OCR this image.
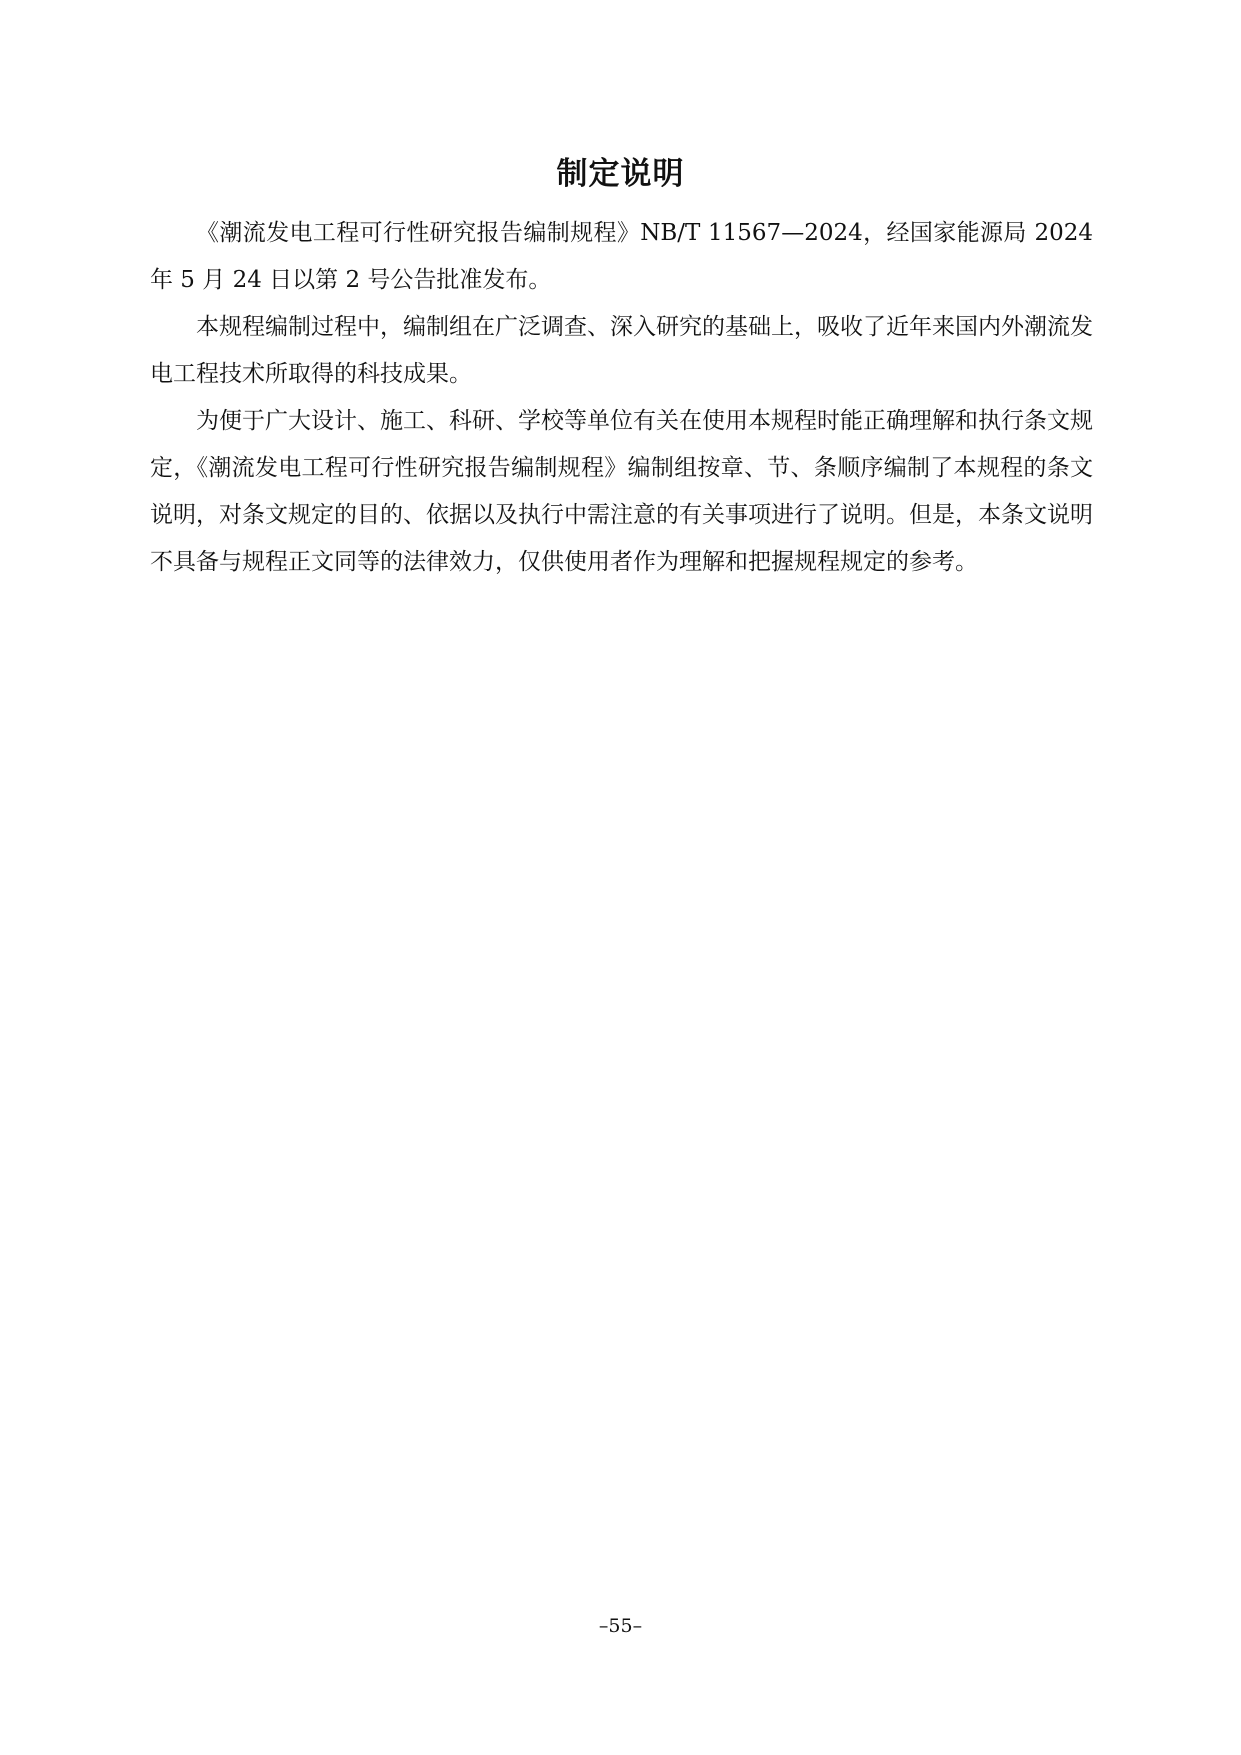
制定说明

《潮流发电工程可行性研究报告编制规程》NB/T 11567—2024，经国家能源局 2024 年 5 月 24 日以第 2 号公告批准发布。

本规程编制过程中，编制组在广泛调查、深入研究的基础上，吸收了近年来国内外潮流发电工程技术所取得的科技成果。

为便于广大设计、施工、科研、学校等单位有关在使用本规程时能正确理解和执行条文规定，《潮流发电工程可行性研究报告编制规程》编制组按章、节、条顺序编制了本规程的条文说明，对条文规定的目的、依据以及执行中需注意的有关事项进行了说明。但是，本条文说明不具备与规程正文同等的法律效力，仅供使用者作为理解和把握规程规定的参考。

–55–
